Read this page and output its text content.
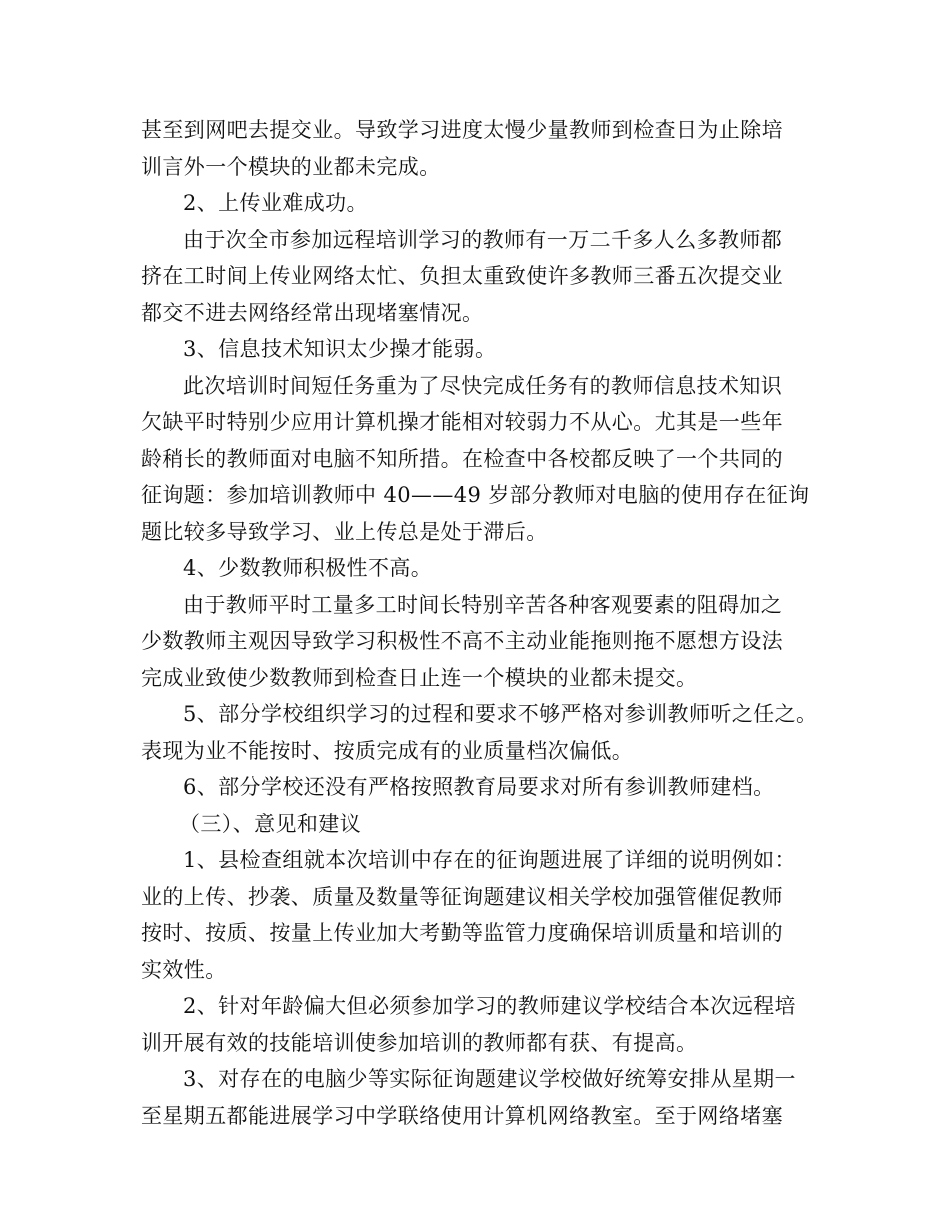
甚至到网吧去提交业。导致学习进度太慢少量教师到检查日为止除培
训言外一个模块的业都未完成。
2、上传业难成功。
由于次全市参加远程培训学习的教师有一万二千多人么多教师都
挤在工时间上传业网络太忙、负担太重致使许多教师三番五次提交业
都交不进去网络经常出现堵塞情况。
3、信息技术知识太少操才能弱。
此次培训时间短任务重为了尽快完成任务有的教师信息技术知识
欠缺平时特别少应用计算机操才能相对较弱力不从心。尤其是一些年
龄稍长的教师面对电脑不知所措。在检查中各校都反映了一个共同的
征询题：参加培训教师中 40——49 岁部分教师对电脑的使用存在征询
题比较多导致学习、业上传总是处于滞后。
4、少数教师积极性不高。
由于教师平时工量多工时间长特别辛苦各种客观要素的阻碍加之
少数教师主观因导致学习积极性不高不主动业能拖则拖不愿想方设法
完成业致使少数教师到检查日止连一个模块的业都未提交。
5、部分学校组织学习的过程和要求不够严格对参训教师听之任之。
表现为业不能按时、按质完成有的业质量档次偏低。
6、部分学校还没有严格按照教育局要求对所有参训教师建档。
（三）、意见和建议
1、县检查组就本次培训中存在的征询题进展了详细的说明例如：
业的上传、抄袭、质量及数量等征询题建议相关学校加强管催促教师
按时、按质、按量上传业加大考勤等监管力度确保培训质量和培训的
实效性。
2、针对年龄偏大但必须参加学习的教师建议学校结合本次远程培
训开展有效的技能培训使参加培训的教师都有获、有提高。
3、对存在的电脑少等实际征询题建议学校做好统筹安排从星期一
至星期五都能进展学习中学联络使用计算机网络教室。至于网络堵塞
